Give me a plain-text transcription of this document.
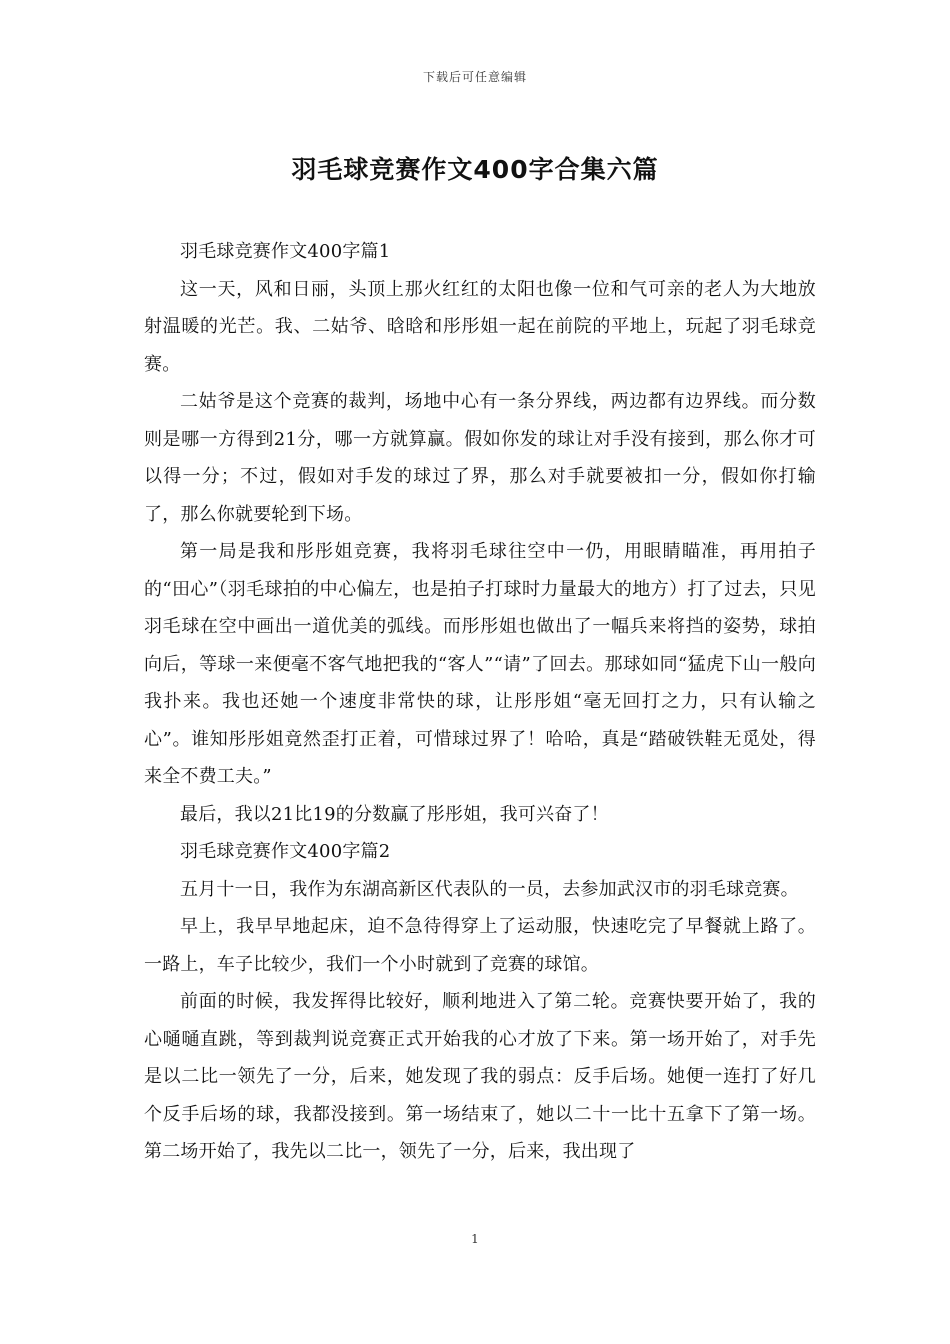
下载后可任意编辑
羽毛球竞赛作文400字合集六篇

羽毛球竞赛作文400字篇1

这一天，风和日丽，头顶上那火红红的太阳也像一位和气可亲的老人为大地放射温暖的光芒。我、二姑爷、晗晗和彤彤姐一起在前院的平地上，玩起了羽毛球竞赛。

二姑爷是这个竞赛的裁判，场地中心有一条分界线，两边都有边界线。而分数则是哪一方得到21分，哪一方就算赢。假如你发的球让对手没有接到，那么你才可以得一分；不过，假如对手发的球过了界，那么对手就要被扣一分，假如你打输了，那么你就要轮到下场。

第一局是我和彤彤姐竞赛，我将羽毛球往空中一仍，用眼睛瞄准，再用拍子的“田心”（羽毛球拍的中心偏左，也是拍子打球时力量最大的地方）打了过去，只见羽毛球在空中画出一道优美的弧线。而彤彤姐也做出了一幅兵来将挡的姿势，球拍向后，等球一来便毫不客气地把我的“客人”“请”了回去。那球如同“猛虎下山一般向我扑来。我也还她一个速度非常快的球，让彤彤姐“毫无回打之力，只有认输之心”。谁知彤彤姐竟然歪打正着，可惜球过界了！哈哈，真是“踏破铁鞋无觅处，得来全不费工夫。”

最后，我以21比19的分数赢了彤彤姐，我可兴奋了！

羽毛球竞赛作文400字篇2

五月十一日，我作为东湖高新区代表队的一员，去参加武汉市的羽毛球竞赛。

早上，我早早地起床，迫不急待得穿上了运动服，快速吃完了早餐就上路了。一路上，车子比较少，我们一个小时就到了竞赛的球馆。

前面的时候，我发挥得比较好，顺利地进入了第二轮。竞赛快要开始了，我的心嗵嗵直跳，等到裁判说竞赛正式开始我的心才放了下来。第一场开始了，对手先是以二比一领先了一分，后来，她发现了我的弱点：反手后场。她便一连打了好几个反手后场的球，我都没接到。第一场结束了，她以二十一比十五拿下了第一场。第二场开始了，我先以二比一，领先了一分，后来，我出现了

1
